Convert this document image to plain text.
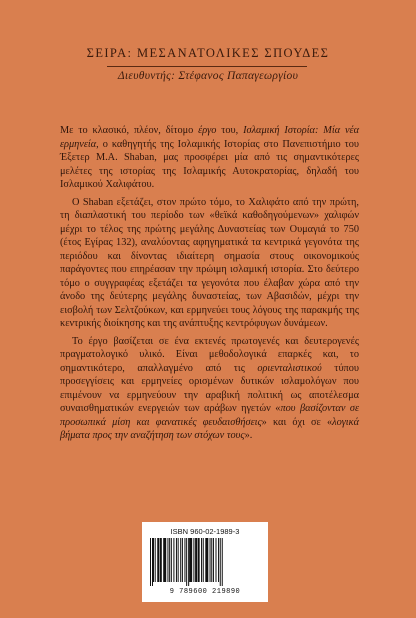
ΣΕΙΡΑ: ΜΕΣΑΝΑΤΟΛΙΚΕΣ ΣΠΟΥΔΕΣ
Διευθυντής: Στέφανος Παπαγεωργίου

Με το κλασικό, πλέον, δίτομο έργο του, Ισλαμική Ιστορία: Μία νέα ερμηνεία, ο καθηγητής της Ισλαμικής Ιστορίας στο Πανεπιστήμιο του Έξετερ M.A. Shaban, μας προσφέρει μία από τις σημαντικότερες μελέτες της ιστορίας της Ισλαμικής Αυτοκρατορίας, δηλαδή του Ισλαμικού Χαλιφάτου.

Ο Shaban εξετάζει, στον πρώτο τόμο, το Χαλιφάτο από την πρώτη, τη διαπλαστική του περίοδο των «θεϊκά καθοδηγούμενων» χαλιφών μέχρι το τέλος της πρώτης μεγάλης Δυναστείας των Ουμαγιά το 750 (έτος Εγίρας 132), αναλύοντας αφηγηματικά τα κεντρικά γεγονότα της περιόδου και δίνοντας ιδιαίτερη σημασία στους οικονομικούς παράγοντες που επηρέασαν την πρώιμη ισλαμική ιστορία. Στο δεύτερο τόμο ο συγγραφέας εξετάζει τα γεγονότα που έλαβαν χώρα από την άνοδο της δεύτερης μεγάλης δυναστείας, των Αβασιδών, μέχρι την εισβολή των Σελτζούκων, και ερμηνεύει τους λόγους της παρακμής της κεντρικής διοίκησης και της ανάπτυξης κεντρόφυγων δυνάμεων.

Το έργο βασίζεται σε ένα εκτενές πρωτογενές και δευτερογενές πραγματολογικό υλικό. Είναι μεθοδολογικά επαρκές και, το σημαντικότερο, απαλλαγμένο από τις οριενταλιστικού τύπου προσεγγίσεις και ερμηνείες ορισμένων δυτικών ισλαμολόγων που επιμένουν να ερμηνεύουν την αραβική πολιτική ως αποτέλεσμα συναισθηματικών ενεργειών των αράβων ηγετών «που βασίζονταν σε προσωπικά μίση και φανατικές φευδαισθήσεις» και όχι σε «λογικά βήματα προς την αναζήτηση των στόχων τους».

ISBN 960-02-1989-3
9 789600 219890
